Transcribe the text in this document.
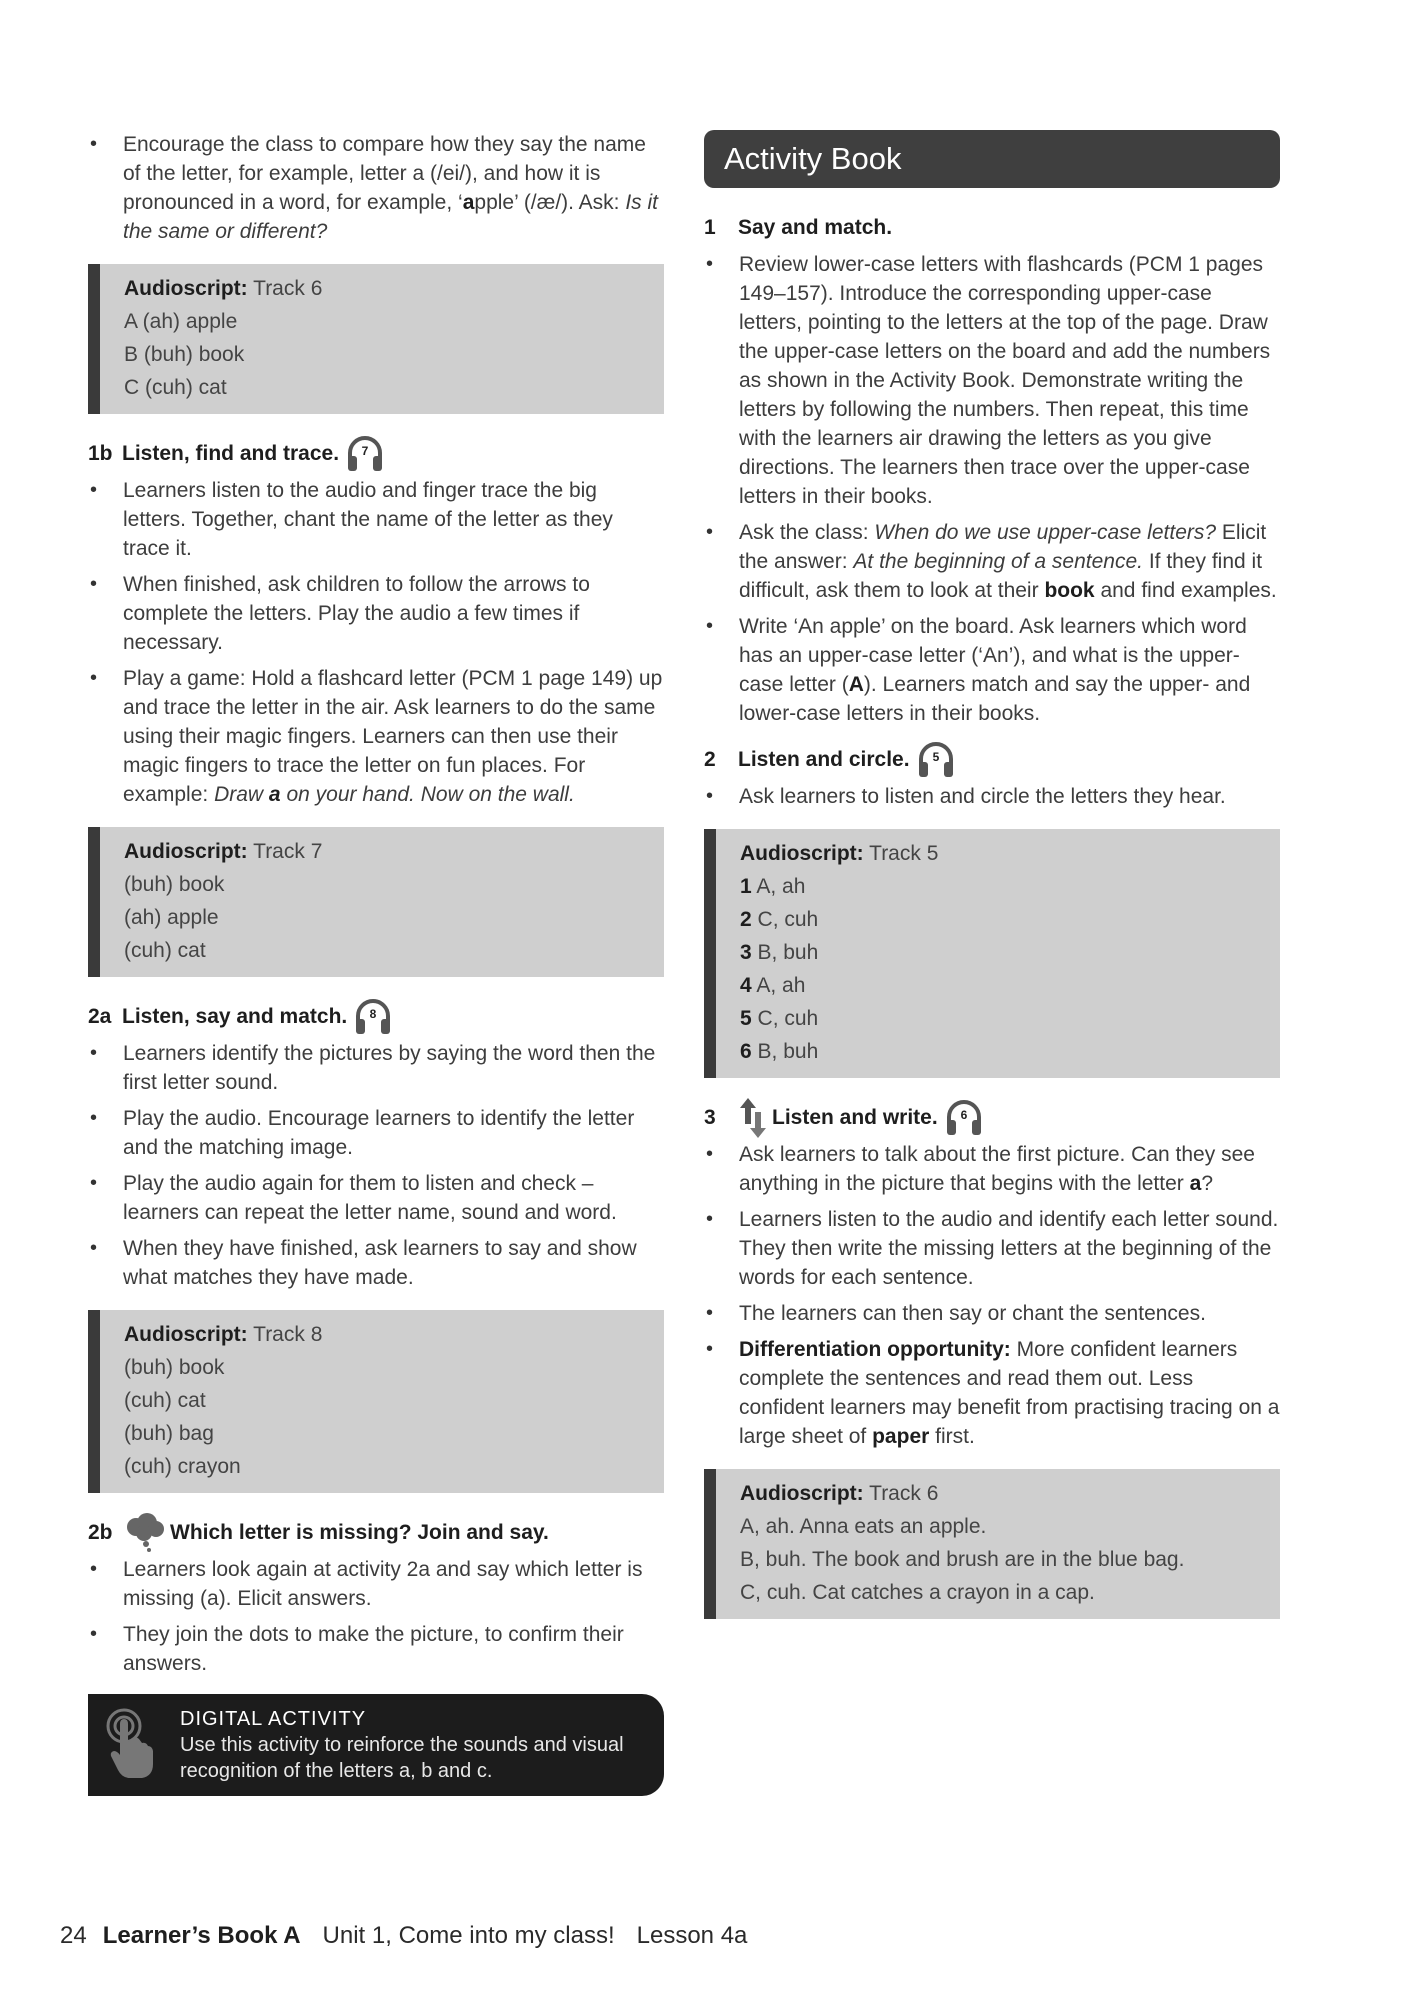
• Encourage the class to compare how they say the name of the letter, for example, letter a (/ei/), and how it is pronounced in a word, for example, ‘apple’ (/æ/). Ask: Is it the same or different?
Audioscript: Track 6
A (ah) apple
B (buh) book
C (cuh) cat
1b Listen, find and trace. 7
• Learners listen to the audio and finger trace the big letters. Together, chant the name of the letter as they trace it.
• When finished, ask children to follow the arrows to complete the letters. Play the audio a few times if necessary.
• Play a game: Hold a flashcard letter (PCM 1 page 149) up and trace the letter in the air. Ask learners to do the same using their magic fingers. Learners can then use their magic fingers to trace the letter on fun places. For example: Draw a on your hand. Now on the wall.
Audioscript: Track 7
(buh) book
(ah) apple
(cuh) cat
2a Listen, say and match. 8
• Learners identify the pictures by saying the word then the first letter sound.
• Play the audio. Encourage learners to identify the letter and the matching image.
• Play the audio again for them to listen and check – learners can repeat the letter name, sound and word.
• When they have finished, ask learners to say and show what matches they have made.
Audioscript: Track 8
(buh) book
(cuh) cat
(buh) bag
(cuh) crayon
2b	Which letter is missing? Join and say.
• Learners look again at activity 2a and say which letter is missing (a). Elicit answers.
• They join the dots to make the picture, to confirm their answers.
DIGITAL ACTIVITY
Use this activity to reinforce the sounds and visual recognition of the letters a, b and c.
Activity Book
1	Say and match.
• Review lower-case letters with flashcards (PCM 1 pages 149–157). Introduce the corresponding upper-case letters, pointing to the letters at the top of the page. Draw the upper-case letters on the board and add the numbers as shown in the Activity Book. Demonstrate writing the letters by following the numbers. Then repeat, this time with the learners air drawing the letters as you give directions. The learners then trace over the upper-case letters in their books.
• Ask the class: When do we use upper-case letters? Elicit the answer: At the beginning of a sentence. If they find it difficult, ask them to look at their book and find examples.
• Write ‘An apple’ on the board. Ask learners which word has an upper-case letter (‘An’), and what is the upper-case letter (A). Learners match and say the upper- and lower-case letters in their books.
2	Listen and circle. 5
• Ask learners to listen and circle the letters they hear.
Audioscript: Track 5
1 A, ah
2 C, cuh
3 B, buh
4 A, ah
5 C, cuh
6 B, buh
3	Listen and write. 6
• Ask learners to talk about the first picture. Can they see anything in the picture that begins with the letter a?
• Learners listen to the audio and identify each letter sound. They then write the missing letters at the beginning of the words for each sentence.
• The learners can then say or chant the sentences.
• Differentiation opportunity: More confident learners complete the sentences and read them out. Less confident learners may benefit from practising tracing on a large sheet of paper first.
Audioscript: Track 6
A, ah. Anna eats an apple.
B, buh. The book and brush are in the blue bag.
C, cuh. Cat catches a crayon in a cap.
24 Learner’s Book A Unit 1, Come into my class! Lesson 4a
